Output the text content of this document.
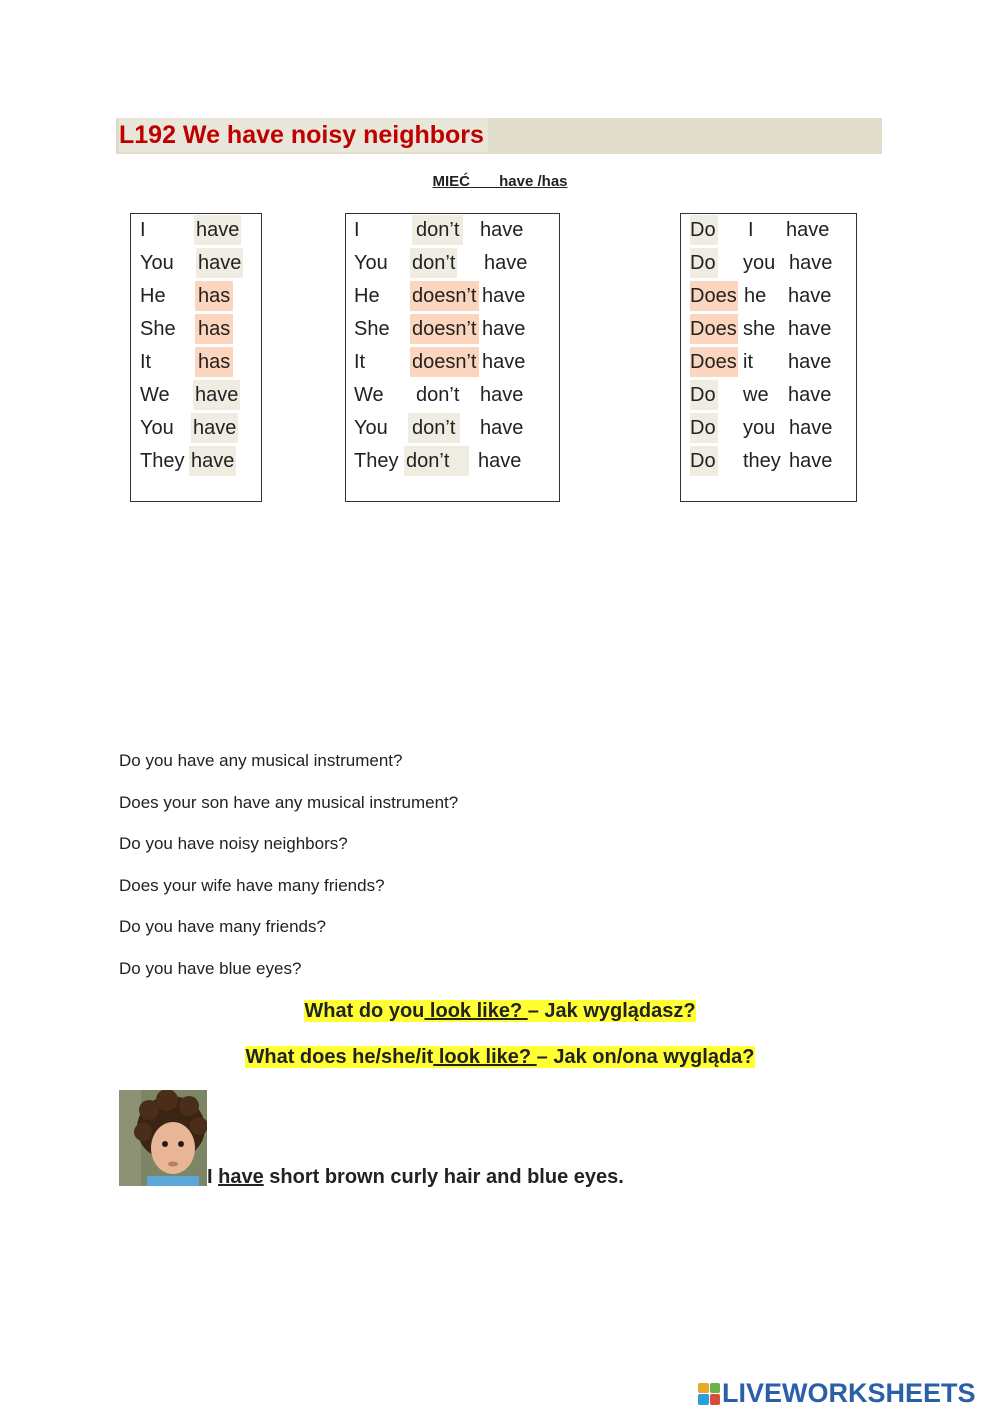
L192 We have noisy neighbors
MIEĆ       have /has
I	have
You have
He has
She has
It has
We have
You have
They have
I	don’t have
You don’t have
He doesn’t have
She doesn’t have
It doesn’t have
We don’t have
You don’t have
They don’t	have
Do I have
Do you have
Does he have
Does she have
Does it have
Do we have
Do you have
Do they have
Do you have any musical instrument?
Does your son have any musical instrument?
Do you have noisy neighbors?
Does your wife have many friends?
Do you have many friends?
Do you have blue eyes?
What do you look like? – Jak wyglądasz?
What does he/she/it look like? – Jak on/ona wygląda?
I have short brown curly hair and blue eyes.
LIVEWORKSHEETS
